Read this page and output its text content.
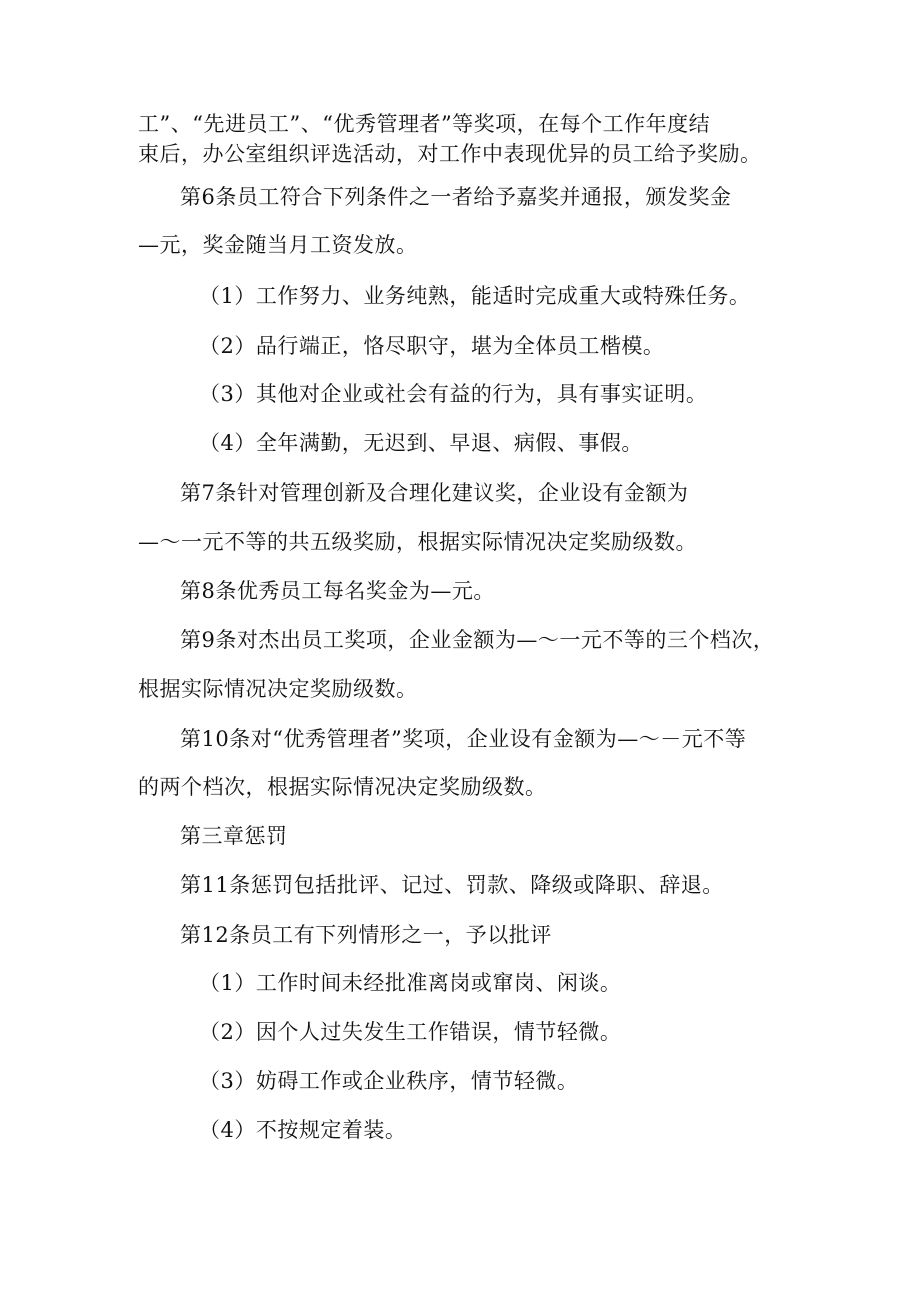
工”、“先进员工”、“优秀管理者”等奖项，在每个工作年度结
束后，办公室组织评选活动，对工作中表现优异的员工给予奖励。
第6条员工符合下列条件之一者给予嘉奖并通报，颁发奖金
—元，奖金随当月工资发放。
（1）工作努力、业务纯熟，能适时完成重大或特殊任务。
（2）品行端正，恪尽职守，堪为全体员工楷模。
（3）其他对企业或社会有益的行为，具有事实证明。
（4）全年满勤，无迟到、早退、病假、事假。
第7条针对管理创新及合理化建议奖，企业设有金额为
—～一元不等的共五级奖励，根据实际情况决定奖励级数。
第8条优秀员工每名奖金为—元。
第9条对杰出员工奖项，企业金额为—～一元不等的三个档次，
根据实际情况决定奖励级数。
第10条对“优秀管理者”奖项，企业设有金额为—～－元不等
的两个档次，根据实际情况决定奖励级数。
第三章惩罚
第11条惩罚包括批评、记过、罚款、降级或降职、辞退。
第12条员工有下列情形之一，予以批评
（1）工作时间未经批准离岗或窜岗、闲谈。
（2）因个人过失发生工作错误，情节轻微。
（3）妨碍工作或企业秩序，情节轻微。
（4）不按规定着装。
